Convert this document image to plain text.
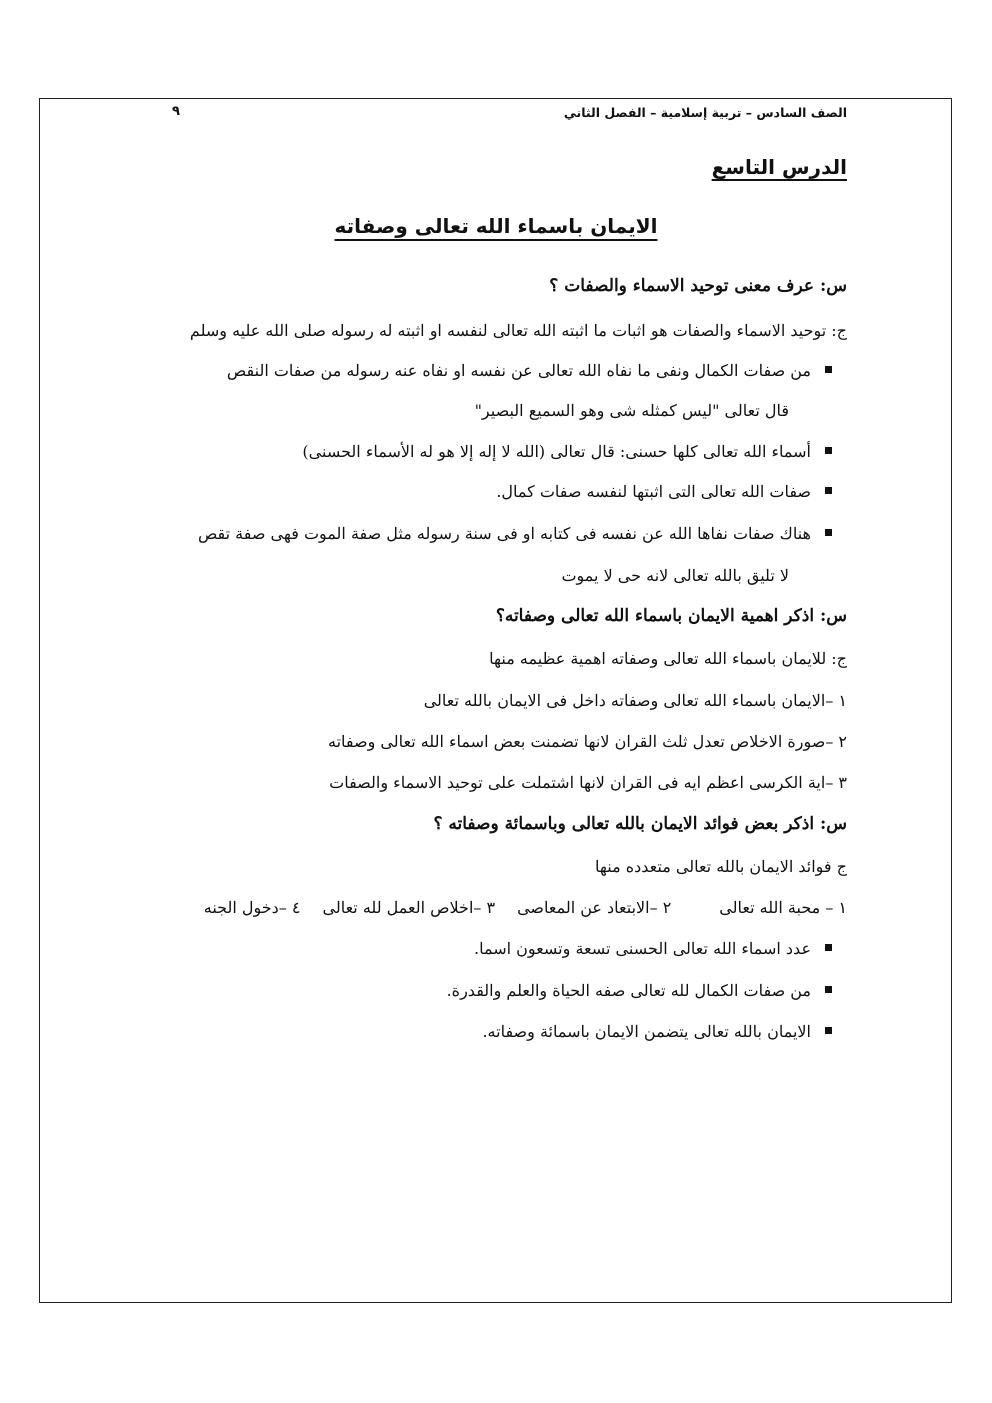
٩	الصف السادس – تربية إسلامية – الفصل الثاني
الدرس التاسع
الايمان باسماء الله تعالى وصفاته
س: عرف معنى توحيد الاسماء والصفات ؟
ج: توحيد الاسماء والصفات هو اثبات ما اثبته الله تعالى لنفسه او اثبته له رسوله صلى الله عليه وسلم
من صفات الكمال ونفى ما نفاه الله تعالى عن نفسه او نفاه عنه رسوله من صفات النقص
قال تعالى "ليس كمثله شى وهو السميع البصير"
أسماء الله تعالى كلها حسنى: قال تعالى (الله لا إله إلا هو له الأسماء الحسنى)
صفات الله تعالى التى اثبتها لنفسه صفات كمال.
هناك صفات نفاها الله عن نفسه فى كتابه او فى سنة رسوله مثل صفة الموت فهى صفة تقص
لا تليق بالله تعالى لانه حى لا يموت
س: اذكر اهمية الايمان باسماء الله تعالى وصفاته؟
ج: للايمان باسماء الله تعالى وصفاته اهمية عظيمه منها
١ –الايمان باسماء الله تعالى وصفاته داخل فى الايمان بالله تعالى
٢ –صورة الاخلاص تعدل ثلث القران لانها تضمنت بعض اسماء الله تعالى وصفاته
٣ –اية الكرسى اعظم ايه فى القران لانها اشتملت على توحيد الاسماء والصفات
س: اذكر بعض فوائد الايمان بالله تعالى وباسمائة وصفاته ؟
ج فوائد الايمان بالله تعالى متعدده منها
١ – محبة الله تعالى٢ –الابتعاد عن المعاصى٣ –اخلاص العمل لله تعالى٤ –دخول الجنه
عدد اسماء الله تعالى الحسنى تسعة وتسعون اسما.
من صفات الكمال لله تعالى صفه الحياة والعلم والقدرة.
الايمان بالله تعالى يتضمن الايمان باسمائة وصفاته.
